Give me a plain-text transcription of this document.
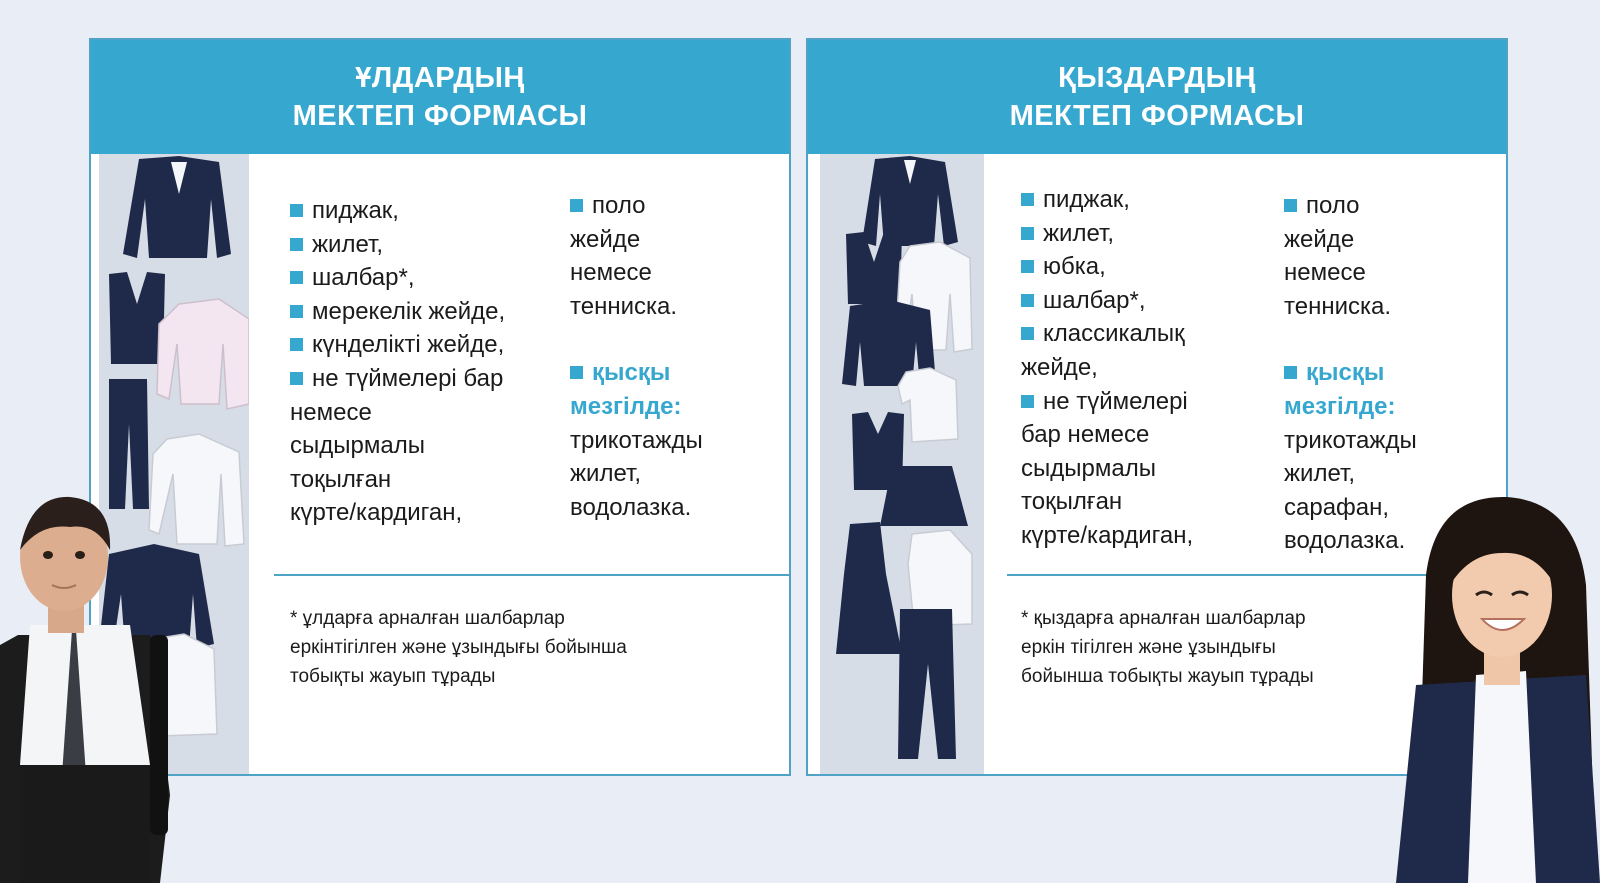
ҰЛДАРДЫҢ
МЕКТЕП ФОРМАСЫ
пиджак,
жилет,
шалбар*,
мерекелік жейде,
күнделікті жейде,
не түймелері бар
немесе
сыдырмалы
тоқылған
күрте/кардиган,
поло
жейде
немесе
тенниска.
қысқы
мезгілде:
трикотажды
жилет,
водолазка.
* ұлдарға арналған шалбарлар
еркінтігілген және ұзындығы бойынша
тобықты жауып тұрады
ҚЫЗДАРДЫҢ
МЕКТЕП ФОРМАСЫ
пиджак,
жилет,
юбка,
шалбар*,
классикалық
жейде,
не түймелері
бар немесе
сыдырмалы
тоқылған
күрте/кардиган,
поло
жейде
немесе
тенниска.
қысқы
мезгілде:
трикотажды
жилет,
сарафан,
водолазка.
* қыздарға арналған шалбарлар
еркін тігілген және ұзындығы
бойынша тобықты жауып тұрады
